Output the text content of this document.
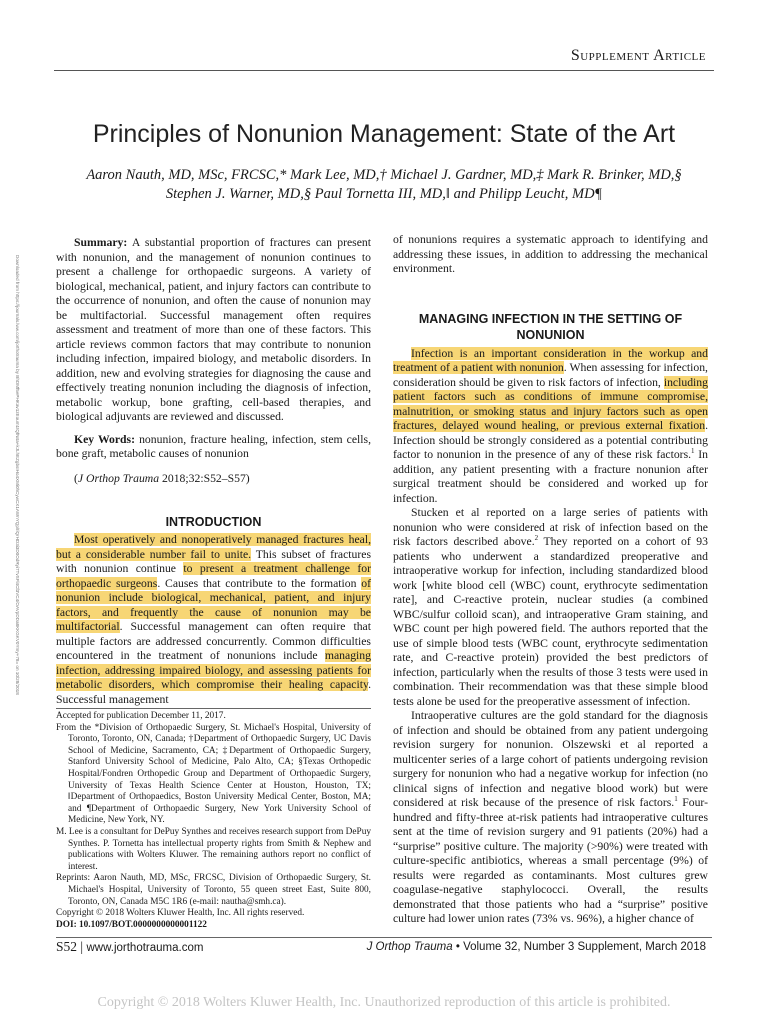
Supplement Article
Principles of Nonunion Management: State of the Art
Aaron Nauth, MD, MSc, FRCSC,* Mark Lee, MD,† Michael J. Gardner, MD,‡ Mark R. Brinker, MD,§
Stephen J. Warner, MD,§ Paul Tornetta III, MD,‖ and Philipp Leucht, MD¶
Downloaded from https://journals.lww.com/jorthotrauma by BhDMf5ePHKav1zEoum1tQfN4a+kJLhEZgbsIHo4XMi0hCywCX1AWnYQp/IlQrHD3i3D0OdRyi7TvSFl4Cf3VC4/OAVpDDa8KKGKV0Ymy+78= on 10/28/2018

Summary: A substantial proportion of fractures can present with nonunion, and the management of nonunion continues to present a challenge for orthopaedic surgeons. A variety of biological, mechanical, patient, and injury factors can contribute to the occurrence of nonunion, and often the cause of nonunion may be multifactorial. Successful management often requires assessment and treatment of more than one of these factors. This article reviews common factors that may contribute to nonunion including infection, impaired biology, and metabolic disorders. In addition, new and evolving strategies for diagnosing the cause and effectively treating nonunion including the diagnosis of infection, metabolic workup, bone grafting, cell-based therapies, and biological adjuvants are reviewed and discussed.

Key Words: nonunion, fracture healing, infection, stem cells, bone graft, metabolic causes of nonunion

(J Orthop Trauma 2018;32:S52–S57)

INTRODUCTION

Most operatively and nonoperatively managed fractures heal, but a considerable number fail to unite. This subset of fractures with nonunion continue to present a treatment challenge for orthopaedic surgeons. Causes that contribute to the formation of nonunion include biological, mechanical, patient, and injury factors, and frequently the cause of nonunion may be multifactorial. Successful management can often require that multiple factors are addressed concurrently. Common difficulties encountered in the treatment of nonunions include managing infection, addressing impaired biology, and assessing patients for metabolic disorders, which compromise their healing capacity. Successful management

Accepted for publication December 11, 2017.

From the *Division of Orthopaedic Surgery, St. Michael's Hospital, University of Toronto, Toronto, ON, Canada; †Department of Orthopaedic Surgery, UC Davis School of Medicine, Sacramento, CA; ‡Department of Orthopaedic Surgery, Stanford University School of Medicine, Palo Alto, CA; §Texas Orthopedic Hospital/Fondren Orthopedic Group and Department of Orthopaedic Surgery, University of Texas Health Science Center at Houston, Houston, TX; ‖Department of Orthopaedics, Boston University Medical Center, Boston, MA; and ¶Department of Orthopaedic Surgery, New York University School of Medicine, New York, NY.

M. Lee is a consultant for DePuy Synthes and receives research support from DePuy Synthes. P. Tornetta has intellectual property rights from Smith & Nephew and publications with Wolters Kluwer. The remaining authors report no conflict of interest.

Reprints: Aaron Nauth, MD, MSc, FRCSC, Division of Orthopaedic Surgery, St. Michael's Hospital, University of Toronto, 55 queen street East, Suite 800, Toronto, ON, Canada M5C 1R6 (e-mail: nautha@smh.ca).

Copyright © 2018 Wolters Kluwer Health, Inc. All rights reserved.

DOI: 10.1097/BOT.0000000000001122

of nonunions requires a systematic approach to identifying and addressing these issues, in addition to addressing the mechanical environment.

MANAGING INFECTION IN THE SETTING OF NONUNION

Infection is an important consideration in the workup and treatment of a patient with nonunion. When assessing for infection, consideration should be given to risk factors of infection, including patient factors such as conditions of immune compromise, malnutrition, or smoking status and injury factors such as open fractures, delayed wound healing, or previous external fixation. Infection should be strongly considered as a potential contributing factor to nonunion in the presence of any of these risk factors.$^1$ In addition, any patient presenting with a fracture nonunion after surgical treatment should be considered and worked up for infection.

Stucken et al reported on a large series of patients with nonunion who were considered at risk of infection based on the risk factors described above.$^2$ They reported on a cohort of 93 patients who underwent a standardized preoperative and intraoperative workup for infection, including standardized blood work [white blood cell (WBC) count, erythrocyte sedimentation rate], and C-reactive protein, nuclear studies (a combined WBC/sulfur colloid scan), and intraoperative Gram staining, and WBC count per high powered field. The authors reported that the use of simple blood tests (WBC count, erythrocyte sedimentation rate, and C-reactive protein) provided the best predictors of infection, particularly when the results of those 3 tests were used in combination. Their recommendation was that these simple blood tests alone be used for the preoperative assessment of infection.

Intraoperative cultures are the gold standard for the diagnosis of infection and should be obtained from any patient undergoing revision surgery for nonunion. Olszewski et al reported a multicenter series of a large cohort of patients undergoing revision surgery for nonunion who had a negative workup for infection (no clinical signs of infection and negative blood work) but were considered at risk because of the presence of risk factors.$^1$ Four-hundred and fifty-three at-risk patients had intraoperative cultures sent at the time of revision surgery and 91 patients (20%) had a “surprise” positive culture. The majority (>90%) were treated with culture-specific antibiotics, whereas a small percentage (9%) of results were regarded as contaminants. Most cultures grew coagulase-negative staphylococci. Overall, the results demonstrated that those patients who had a “surprise” positive culture had lower union rates (73% vs. 96%), a higher chance of

S52 | www.jorthotrauma.com	J Orthop Trauma • Volume 32, Number 3 Supplement, March 2018
Copyright © 2018 Wolters Kluwer Health, Inc. Unauthorized reproduction of this article is prohibited.
